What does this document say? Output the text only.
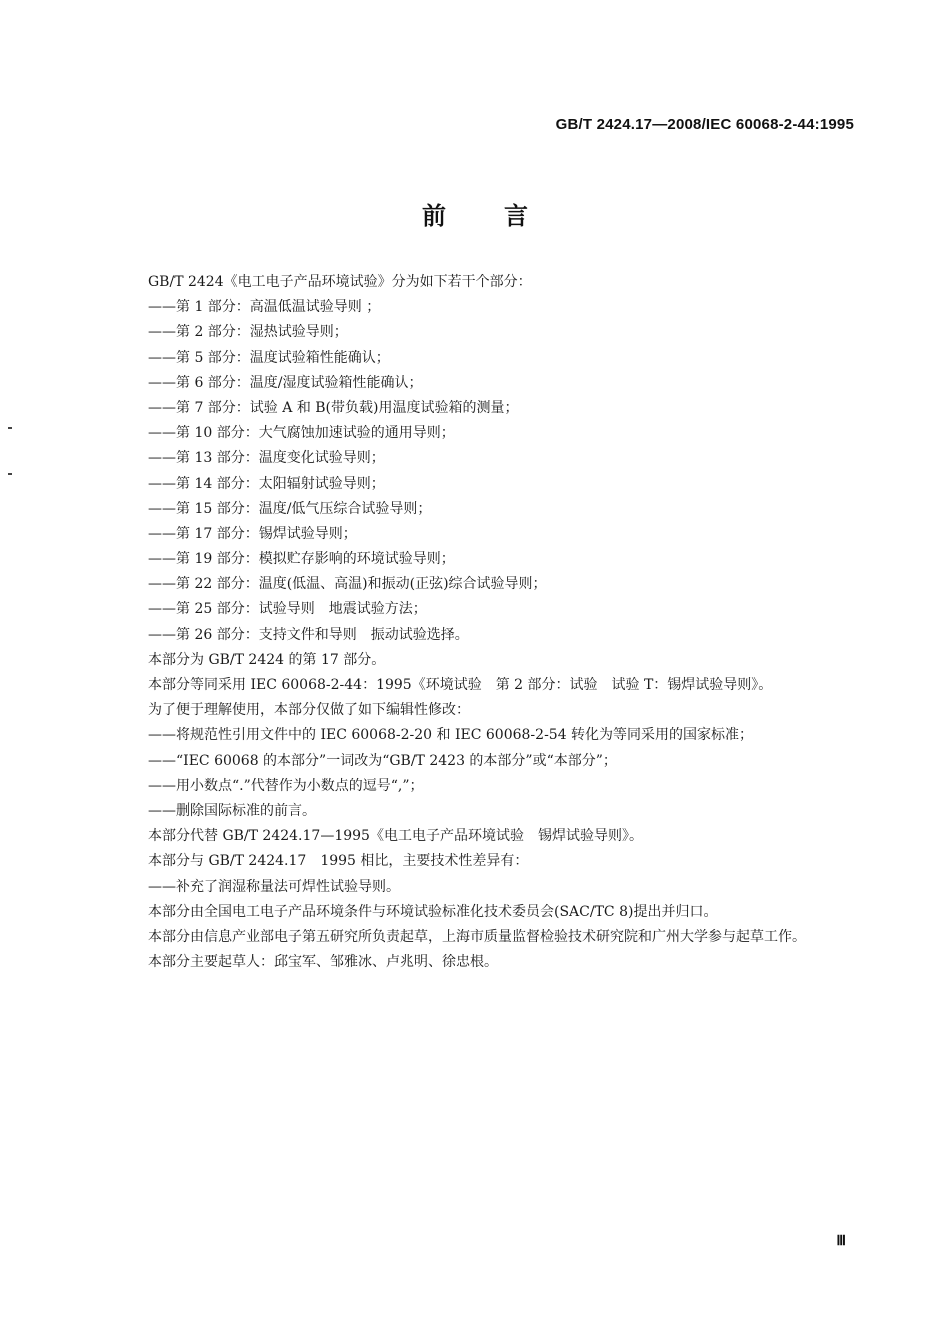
GB/T 2424.17—2008/IEC 60068-2-44:1995
前言
GB/T 2424《电工电子产品环境试验》分为如下若干个部分：
——第 1 部分：高温低温试验导则 ；
——第 2 部分：湿热试验导则；
——第 5 部分：温度试验箱性能确认；
——第 6 部分：温度/湿度试验箱性能确认；
——第 7 部分：试验 A 和 B(带负载)用温度试验箱的测量；
——第 10 部分：大气腐蚀加速试验的通用导则；
——第 13 部分：温度变化试验导则；
——第 14 部分：太阳辐射试验导则；
——第 15 部分：温度/低气压综合试验导则；
——第 17 部分：锡焊试验导则；
——第 19 部分：模拟贮存影响的环境试验导则；
——第 22 部分：温度(低温、高温)和振动(正弦)综合试验导则；
——第 25 部分：试验导则　地震试验方法；
——第 26 部分：支持文件和导则　振动试验选择。
本部分为 GB/T 2424 的第 17 部分。
本部分等同采用 IEC 60068-2-44：1995《环境试验　第 2 部分：试验　试验 T：锡焊试验导则》。
为了便于理解使用，本部分仅做了如下编辑性修改：
——将规范性引用文件中的 IEC 60068-2-20 和 IEC 60068-2-54 转化为等同采用的国家标准；
——“IEC 60068 的本部分”一词改为“GB/T 2423 的本部分”或“本部分”；
——用小数点“.”代替作为小数点的逗号“,”；
——删除国际标准的前言。
本部分代替 GB/T 2424.17—1995《电工电子产品环境试验　锡焊试验导则》。
本部分与 GB/T 2424.17　1995 相比，主要技术性差异有：
——补充了润湿称量法可焊性试验导则。
本部分由全国电工电子产品环境条件与环境试验标准化技术委员会(SAC/TC 8)提出并归口。
本部分由信息产业部电子第五研究所负责起草，上海市质量监督检验技术研究院和广州大学参与起草工作。
本部分主要起草人：邱宝军、邹雅冰、卢兆明、徐忠根。
Ⅲ
